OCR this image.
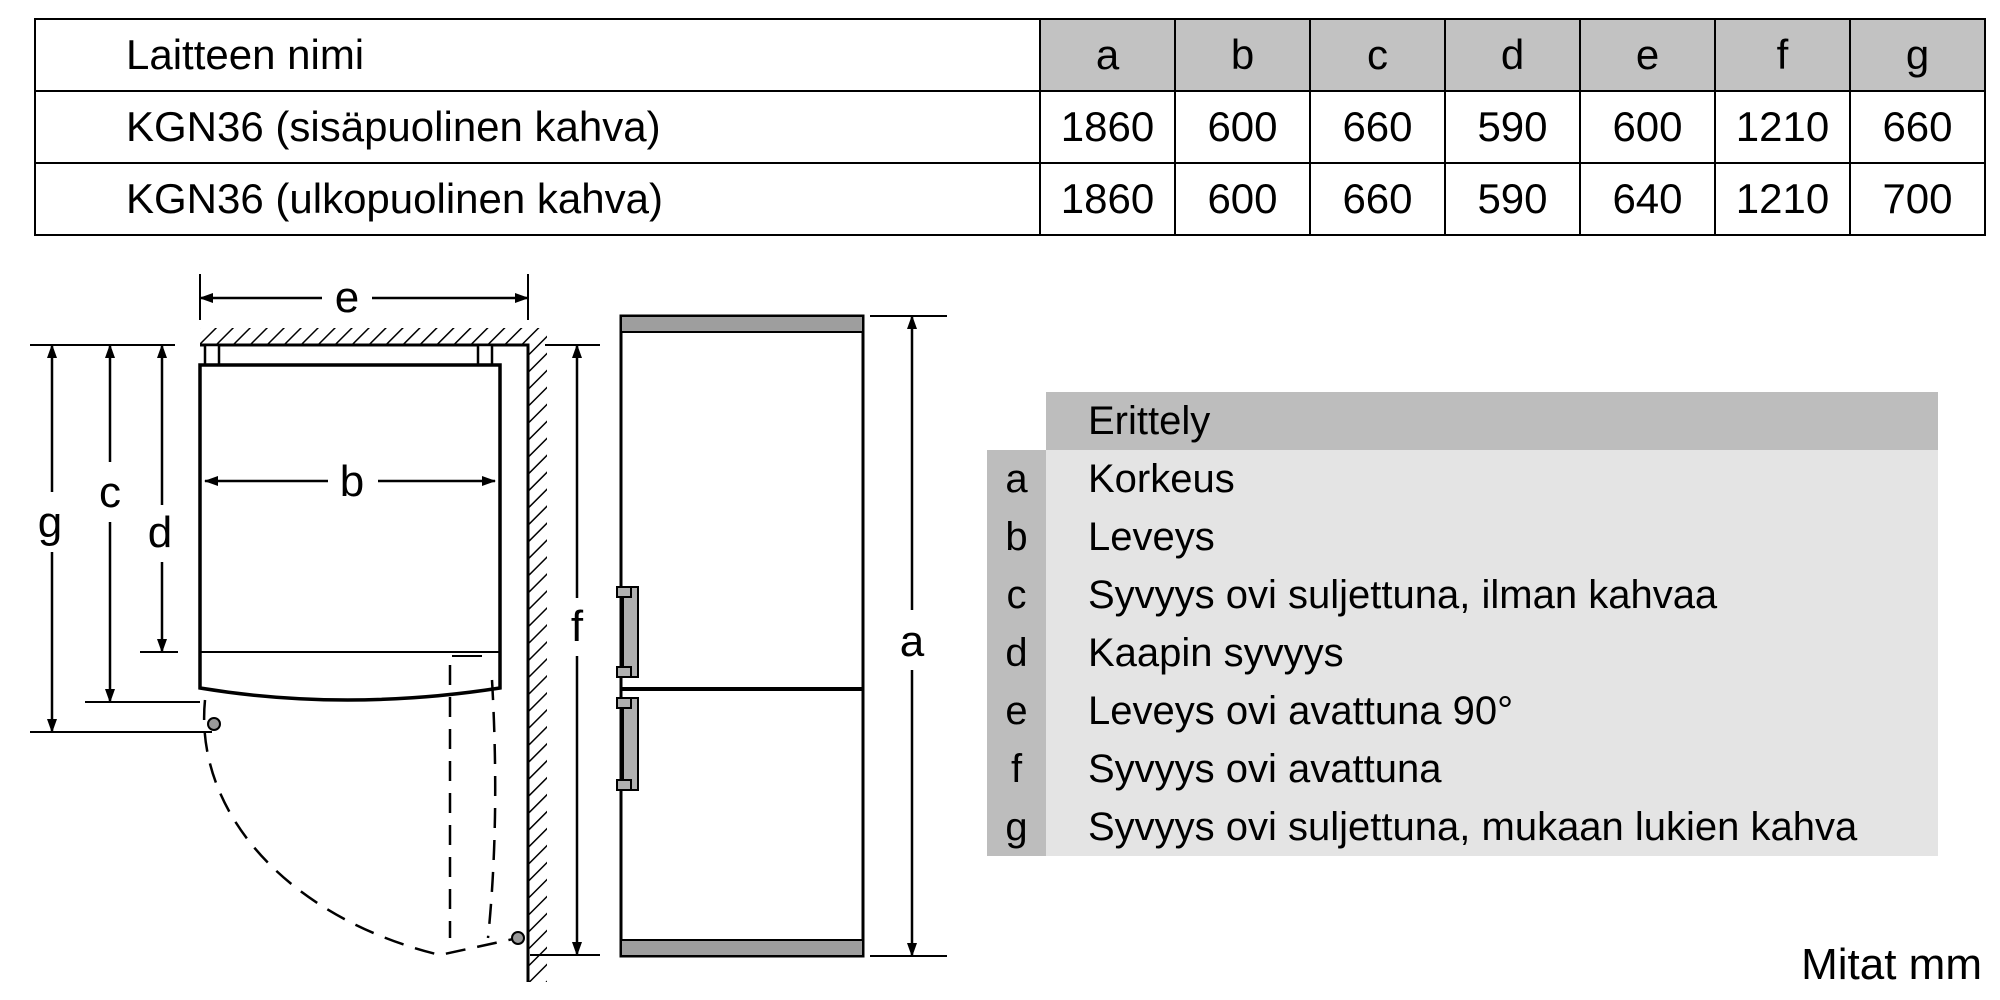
Laitteen nimi	a	b	c	d	e	f	g
KGN36 (sisäpuolinen kahva)	1860	600	660	590	600	1210	660
KGN36 (ulkopuolinen kahva)	1860	600	660	590	640	1210	700
e
b
g
c
d
f	a
Erittely
a	Korkeus
b	Leveys
c	Syvyys ovi suljettuna, ilman kahvaa
d	Kaapin syvyys
e	Leveys ovi avattuna 90°
f	Syvyys ovi avattuna
g	Syvyys ovi suljettuna, mukaan lukien kahva
Mitat mm
